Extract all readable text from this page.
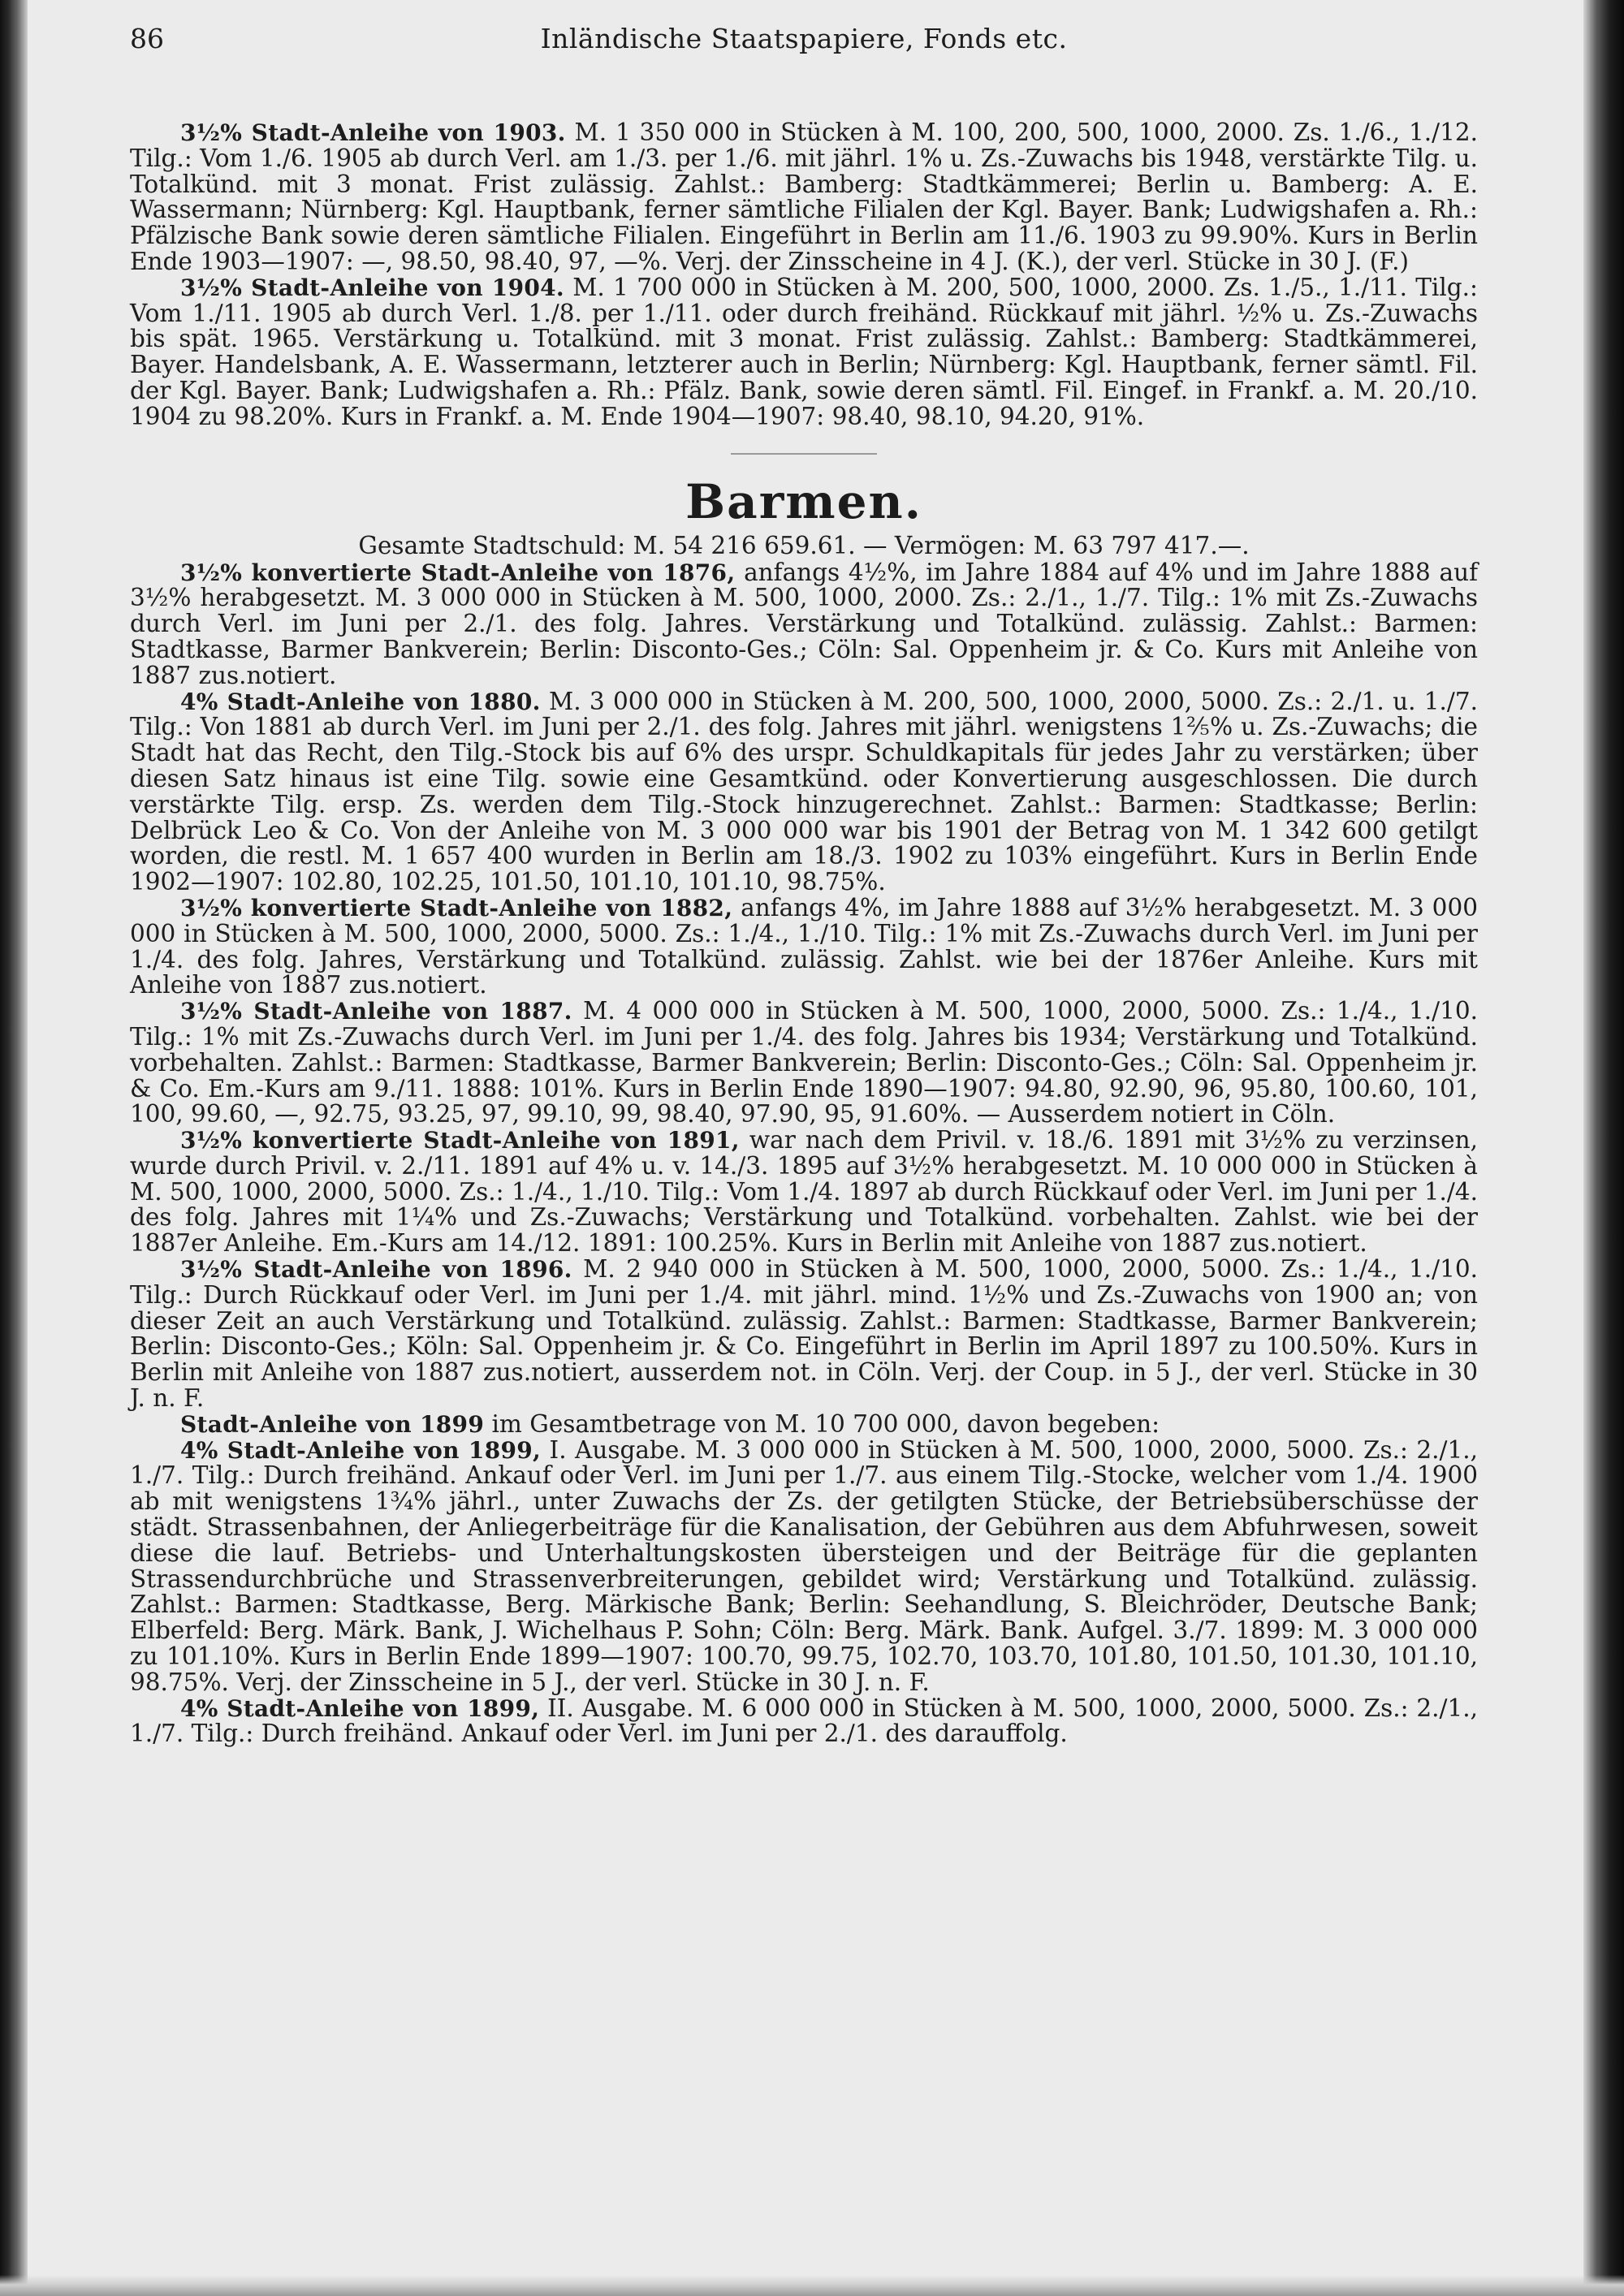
86	Inländische Staatspapiere, Fonds etc.

3½% Stadt-Anleihe von 1903. M. 1 350 000 in Stücken à M. 100, 200, 500, 1000, 2000. Zs. 1./6., 1./12. Tilg.: Vom 1./6. 1905 ab durch Verl. am 1./3. per 1./6. mit jährl. 1% u. Zs.-Zuwachs bis 1948, verstärkte Tilg. u. Totalkünd. mit 3 monat. Frist zulässig. Zahlst.: Bamberg: Stadtkämmerei; Berlin u. Bamberg: A. E. Wassermann; Nürnberg: Kgl. Hauptbank, ferner sämtliche Filialen der Kgl. Bayer. Bank; Ludwigshafen a. Rh.: Pfälzische Bank sowie deren sämtliche Filialen. Eingeführt in Berlin am 11./6. 1903 zu 99.90%. Kurs in Berlin Ende 1903—1907: —, 98.50, 98.40, 97, —%. Verj. der Zinsscheine in 4 J. (K.), der verl. Stücke in 30 J. (F.)

3½% Stadt-Anleihe von 1904. M. 1 700 000 in Stücken à M. 200, 500, 1000, 2000. Zs. 1./5., 1./11. Tilg.: Vom 1./11. 1905 ab durch Verl. 1./8. per 1./11. oder durch freihänd. Rückkauf mit jährl. ½% u. Zs.-Zuwachs bis spät. 1965. Verstärkung u. Totalkünd. mit 3 monat. Frist zulässig. Zahlst.: Bamberg: Stadtkämmerei, Bayer. Handelsbank, A. E. Wassermann, letzterer auch in Berlin; Nürnberg: Kgl. Hauptbank, ferner sämtl. Fil. der Kgl. Bayer. Bank; Ludwigshafen a. Rh.: Pfälz. Bank, sowie deren sämtl. Fil. Eingef. in Frankf. a. M. 20./10. 1904 zu 98.20%. Kurs in Frankf. a. M. Ende 1904—1907: 98.40, 98.10, 94.20, 91%.

Barmen.
Gesamte Stadtschuld: M. 54 216 659.61. — Vermögen: M. 63 797 417.—.

3½% konvertierte Stadt-Anleihe von 1876, anfangs 4½%, im Jahre 1884 auf 4% und im Jahre 1888 auf 3½% herabgesetzt. M. 3 000 000 in Stücken à M. 500, 1000, 2000. Zs.: 2./1., 1./7. Tilg.: 1% mit Zs.-Zuwachs durch Verl. im Juni per 2./1. des folg. Jahres. Verstärkung und Totalkünd. zulässig. Zahlst.: Barmen: Stadtkasse, Barmer Bankverein; Berlin: Disconto-Ges.; Cöln: Sal. Oppenheim jr. & Co. Kurs mit Anleihe von 1887 zus.notiert.

4% Stadt-Anleihe von 1880. M. 3 000 000 in Stücken à M. 200, 500, 1000, 2000, 5000. Zs.: 2./1. u. 1./7. Tilg.: Von 1881 ab durch Verl. im Juni per 2./1. des folg. Jahres mit jährl. wenigstens 1⅖% u. Zs.-Zuwachs; die Stadt hat das Recht, den Tilg.-Stock bis auf 6% des urspr. Schuldkapitals für jedes Jahr zu verstärken; über diesen Satz hinaus ist eine Tilg. sowie eine Gesamtkünd. oder Konvertierung ausgeschlossen. Die durch verstärkte Tilg. ersp. Zs. werden dem Tilg.-Stock hinzugerechnet. Zahlst.: Barmen: Stadtkasse; Berlin: Delbrück Leo & Co. Von der Anleihe von M. 3 000 000 war bis 1901 der Betrag von M. 1 342 600 getilgt worden, die restl. M. 1 657 400 wurden in Berlin am 18./3. 1902 zu 103% eingeführt. Kurs in Berlin Ende 1902—1907: 102.80, 102.25, 101.50, 101.10, 101.10, 98.75%.

3½% konvertierte Stadt-Anleihe von 1882, anfangs 4%, im Jahre 1888 auf 3½% herabgesetzt. M. 3 000 000 in Stücken à M. 500, 1000, 2000, 5000. Zs.: 1./4., 1./10. Tilg.: 1% mit Zs.-Zuwachs durch Verl. im Juni per 1./4. des folg. Jahres, Verstärkung und Totalkünd. zulässig. Zahlst. wie bei der 1876er Anleihe. Kurs mit Anleihe von 1887 zus.notiert.

3½% Stadt-Anleihe von 1887. M. 4 000 000 in Stücken à M. 500, 1000, 2000, 5000. Zs.: 1./4., 1./10. Tilg.: 1% mit Zs.-Zuwachs durch Verl. im Juni per 1./4. des folg. Jahres bis 1934; Verstärkung und Totalkünd. vorbehalten. Zahlst.: Barmen: Stadtkasse, Barmer Bankverein; Berlin: Disconto-Ges.; Cöln: Sal. Oppenheim jr. & Co. Em.-Kurs am 9./11. 1888: 101%. Kurs in Berlin Ende 1890—1907: 94.80, 92.90, 96, 95.80, 100.60, 101, 100, 99.60, —, 92.75, 93.25, 97, 99.10, 99, 98.40, 97.90, 95, 91.60%. — Ausserdem notiert in Cöln.

3½% konvertierte Stadt-Anleihe von 1891, war nach dem Privil. v. 18./6. 1891 mit 3½% zu verzinsen, wurde durch Privil. v. 2./11. 1891 auf 4% u. v. 14./3. 1895 auf 3½% herabgesetzt. M. 10 000 000 in Stücken à M. 500, 1000, 2000, 5000. Zs.: 1./4., 1./10. Tilg.: Vom 1./4. 1897 ab durch Rückkauf oder Verl. im Juni per 1./4. des folg. Jahres mit 1¼% und Zs.-Zuwachs; Verstärkung und Totalkünd. vorbehalten. Zahlst. wie bei der 1887er Anleihe. Em.-Kurs am 14./12. 1891: 100.25%. Kurs in Berlin mit Anleihe von 1887 zus.notiert.

3½% Stadt-Anleihe von 1896. M. 2 940 000 in Stücken à M. 500, 1000, 2000, 5000. Zs.: 1./4., 1./10. Tilg.: Durch Rückkauf oder Verl. im Juni per 1./4. mit jährl. mind. 1½% und Zs.-Zuwachs von 1900 an; von dieser Zeit an auch Verstärkung und Totalkünd. zulässig. Zahlst.: Barmen: Stadtkasse, Barmer Bankverein; Berlin: Disconto-Ges.; Köln: Sal. Oppenheim jr. & Co. Eingeführt in Berlin im April 1897 zu 100.50%. Kurs in Berlin mit Anleihe von 1887 zus.notiert, ausserdem not. in Cöln. Verj. der Coup. in 5 J., der verl. Stücke in 30 J. n. F.

Stadt-Anleihe von 1899 im Gesamtbetrage von M. 10 700 000, davon begeben:

4% Stadt-Anleihe von 1899, I. Ausgabe. M. 3 000 000 in Stücken à M. 500, 1000, 2000, 5000. Zs.: 2./1., 1./7. Tilg.: Durch freihänd. Ankauf oder Verl. im Juni per 1./7. aus einem Tilg.-Stocke, welcher vom 1./4. 1900 ab mit wenigstens 1¾% jährl., unter Zuwachs der Zs. der getilgten Stücke, der Betriebsüberschüsse der städt. Strassenbahnen, der Anliegerbeiträge für die Kanalisation, der Gebühren aus dem Abfuhrwesen, soweit diese die lauf. Betriebs- und Unterhaltungskosten übersteigen und der Beiträge für die geplanten Strassendurchbrüche und Strassenverbreiterungen, gebildet wird; Verstärkung und Totalkünd. zulässig. Zahlst.: Barmen: Stadtkasse, Berg. Märkische Bank; Berlin: Seehandlung, S. Bleichröder, Deutsche Bank; Elberfeld: Berg. Märk. Bank, J. Wichelhaus P. Sohn; Cöln: Berg. Märk. Bank. Aufgel. 3./7. 1899: M. 3 000 000 zu 101.10%. Kurs in Berlin Ende 1899—1907: 100.70, 99.75, 102.70, 103.70, 101.80, 101.50, 101.30, 101.10, 98.75%. Verj. der Zinsscheine in 5 J., der verl. Stücke in 30 J. n. F.

4% Stadt-Anleihe von 1899, II. Ausgabe. M. 6 000 000 in Stücken à M. 500, 1000, 2000, 5000. Zs.: 2./1., 1./7. Tilg.: Durch freihänd. Ankauf oder Verl. im Juni per 2./1. des darauffolg.
